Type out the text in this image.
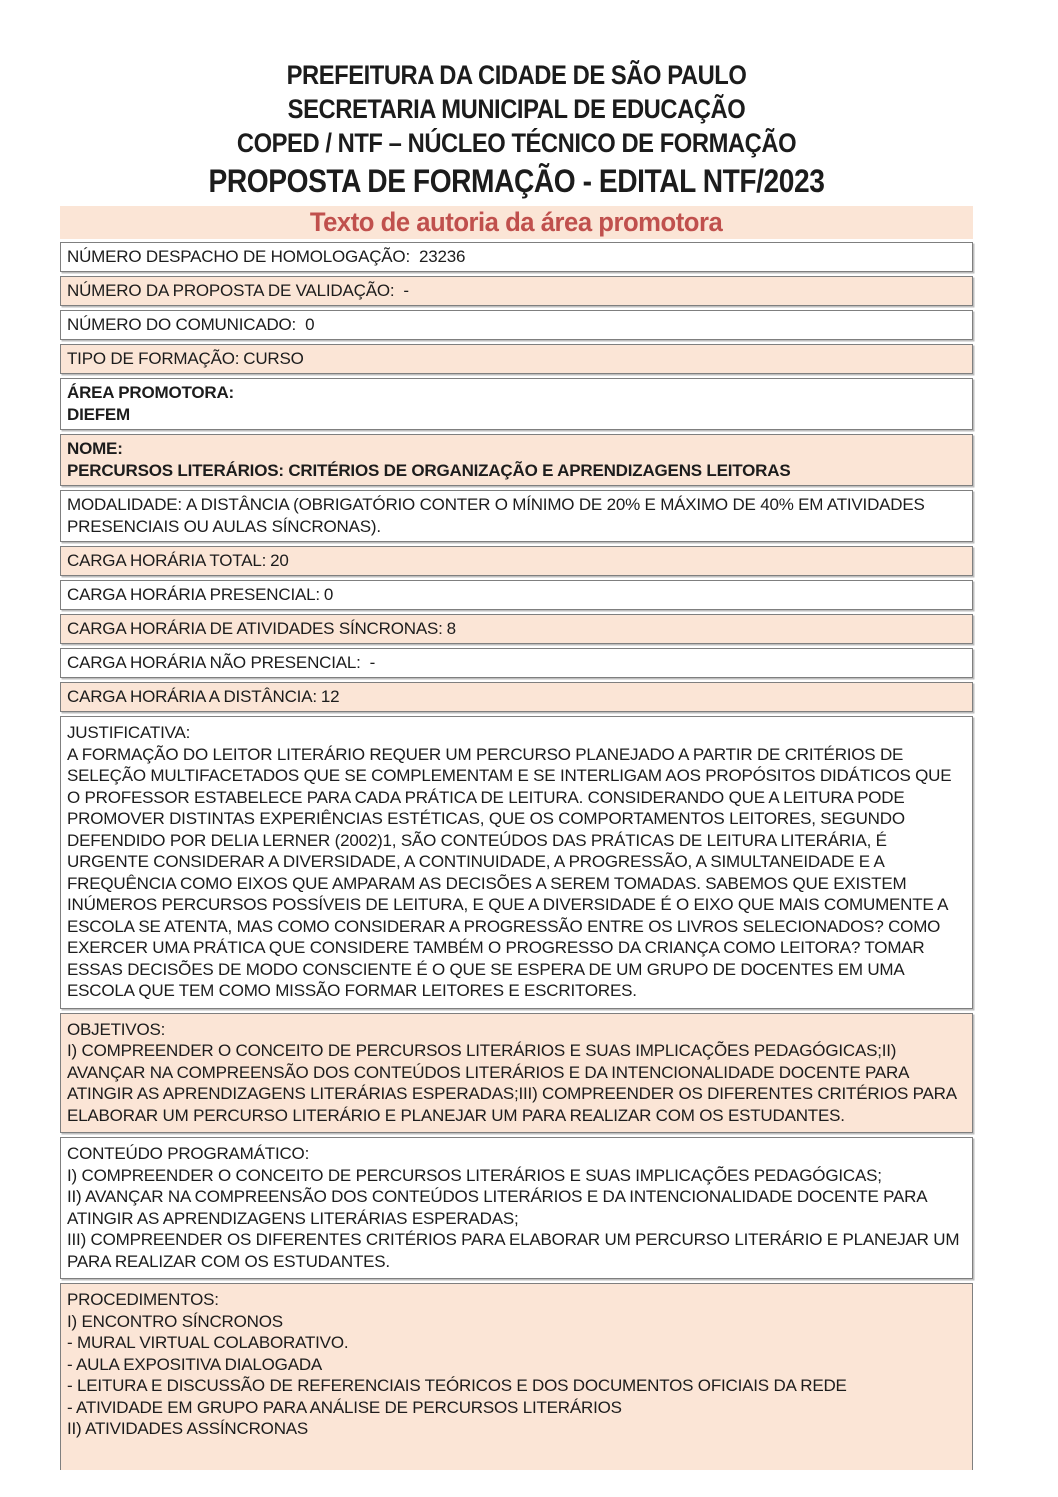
PREFEITURA DA CIDADE DE SÃO PAULO
SECRETARIA MUNICIPAL DE EDUCAÇÃO
COPED / NTF – NÚCLEO TÉCNICO DE FORMAÇÃO
PROPOSTA DE FORMAÇÃO - EDITAL NTF/2023
Texto de autoria da área promotora
NÚMERO DESPACHO DE HOMOLOGAÇÃO: 23236
NÚMERO DA PROPOSTA DE VALIDAÇÃO: -
NÚMERO DO COMUNICADO: 0
TIPO DE FORMAÇÃO: CURSO
ÁREA PROMOTORA:
DIEFEM
NOME:
PERCURSOS LITERÁRIOS: CRITÉRIOS DE ORGANIZAÇÃO E APRENDIZAGENS LEITORAS
MODALIDADE: A DISTÂNCIA (OBRIGATÓRIO CONTER O MÍNIMO DE 20% E MÁXIMO DE 40% EM ATIVIDADES PRESENCIAIS OU AULAS SÍNCRONAS).
CARGA HORÁRIA TOTAL: 20
CARGA HORÁRIA PRESENCIAL: 0
CARGA HORÁRIA DE ATIVIDADES SÍNCRONAS: 8
CARGA HORÁRIA NÃO PRESENCIAL: -
CARGA HORÁRIA A DISTÂNCIA: 12
JUSTIFICATIVA:
A FORMAÇÃO DO LEITOR LITERÁRIO REQUER UM PERCURSO PLANEJADO A PARTIR DE CRITÉRIOS DE SELEÇÃO MULTIFACETADOS QUE SE COMPLEMENTAM E SE INTERLIGAM AOS PROPÓSITOS DIDÁTICOS QUE O PROFESSOR ESTABELECE PARA CADA PRÁTICA DE LEITURA. CONSIDERANDO QUE A LEITURA PODE PROMOVER DISTINTAS EXPERIÊNCIAS ESTÉTICAS, QUE OS COMPORTAMENTOS LEITORES, SEGUNDO DEFENDIDO POR DELIA LERNER (2002)1, SÃO CONTEÚDOS DAS PRÁTICAS DE LEITURA LITERÁRIA, É URGENTE CONSIDERAR A DIVERSIDADE, A CONTINUIDADE, A PROGRESSÃO, A SIMULTANEIDADE E A FREQUÊNCIA COMO EIXOS QUE AMPARAM AS DECISÕES A SEREM TOMADAS. SABEMOS QUE EXISTEM INÚMEROS PERCURSOS POSSÍVEIS DE LEITURA, E QUE A DIVERSIDADE É O EIXO QUE MAIS COMUMENTE A ESCOLA SE ATENTA, MAS COMO CONSIDERAR A PROGRESSÃO ENTRE OS LIVROS SELECIONADOS? COMO EXERCER UMA PRÁTICA QUE CONSIDERE TAMBÉM O PROGRESSO DA CRIANÇA COMO LEITORA? TOMAR ESSAS DECISÕES DE MODO CONSCIENTE É O QUE SE ESPERA DE UM GRUPO DE DOCENTES EM UMA ESCOLA QUE TEM COMO MISSÃO FORMAR LEITORES E ESCRITORES.
OBJETIVOS:
I) COMPREENDER O CONCEITO DE PERCURSOS LITERÁRIOS E SUAS IMPLICAÇÕES PEDAGÓGICAS;II) AVANÇAR NA COMPREENSÃO DOS CONTEÚDOS LITERÁRIOS E DA INTENCIONALIDADE DOCENTE PARA ATINGIR AS APRENDIZAGENS LITERÁRIAS ESPERADAS;III) COMPREENDER OS DIFERENTES CRITÉRIOS PARA ELABORAR UM PERCURSO LITERÁRIO E PLANEJAR UM PARA REALIZAR COM OS ESTUDANTES.
CONTEÚDO PROGRAMÁTICO:
I) COMPREENDER O CONCEITO DE PERCURSOS LITERÁRIOS E SUAS IMPLICAÇÕES PEDAGÓGICAS;
II) AVANÇAR NA COMPREENSÃO DOS CONTEÚDOS LITERÁRIOS E DA INTENCIONALIDADE DOCENTE PARA ATINGIR AS APRENDIZAGENS LITERÁRIAS ESPERADAS;
III) COMPREENDER OS DIFERENTES CRITÉRIOS PARA ELABORAR UM PERCURSO LITERÁRIO E PLANEJAR UM PARA REALIZAR COM OS ESTUDANTES.
PROCEDIMENTOS:
I) ENCONTRO SÍNCRONOS
- MURAL VIRTUAL COLABORATIVO.
- AULA EXPOSITIVA DIALOGADA
- LEITURA E DISCUSSÃO DE REFERENCIAIS TEÓRICOS E DOS DOCUMENTOS OFICIAIS DA REDE
- ATIVIDADE EM GRUPO PARA ANÁLISE DE PERCURSOS LITERÁRIOS
II) ATIVIDADES ASSÍNCRONAS
